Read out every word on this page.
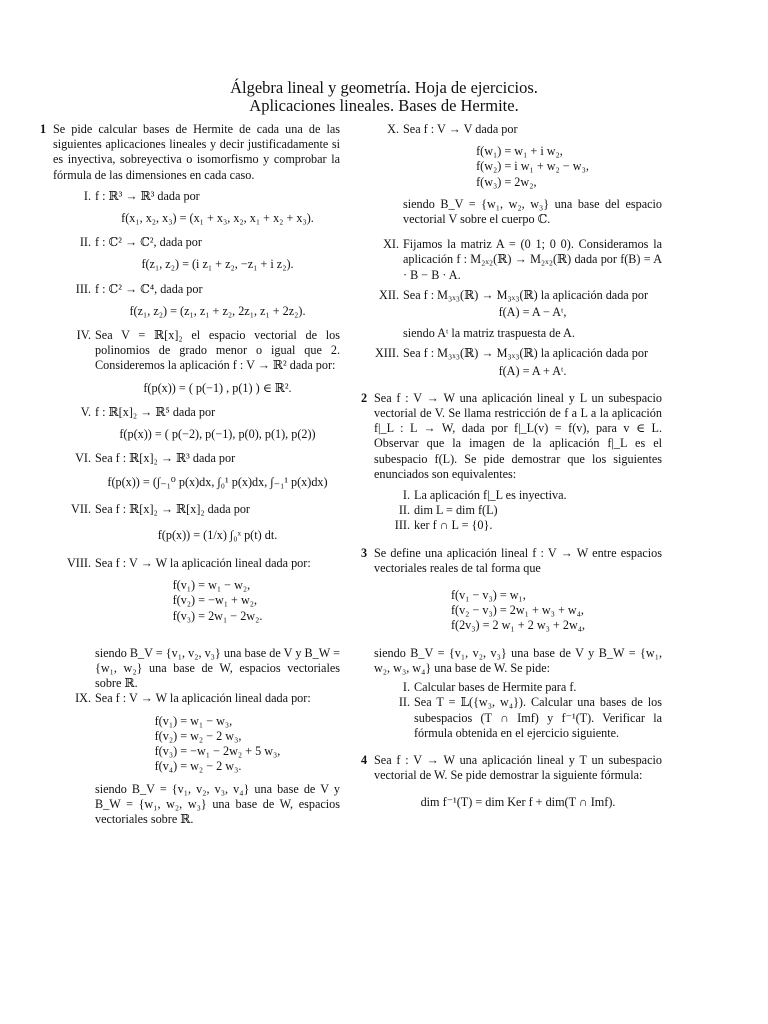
Álgebra lineal y geometría. Hoja de ejercicios.
Aplicaciones lineales. Bases de Hermite.
1 Se pide calcular bases de Hermite de cada una de las siguientes aplicaciones lineales y decir justificadamente si es inyectiva, sobreyectiva o isomorfismo y comprobar la fórmula de las dimensiones en cada caso.

I. f : ℝ³ → ℝ³ dada por

f(x₁, x₂, x₃) = (x₁ + x₃, x₂, x₁ + x₂ + x₃).

II. f : ℂ² → ℂ², dada por

f(z₁, z₂) = (i z₁ + z₂, −z₁ + i z₂).

III. f : ℂ² → ℂ⁴, dada por

f(z₁, z₂) = (z₁, z₁ + z₂, 2z₁, z₁ + 2z₂).

IV. Sea V = ℝ[x]₂ el espacio vectorial de los polinomios de grado menor o igual que 2. Consideremos la aplicación f : V → ℝ² dada por:

f(p(x)) = ( p(−1) , p(1) ) ∈ ℝ².

V. f : ℝ[x]₂ → ℝ⁵ dada por

f(p(x)) = ( p(−2), p(−1), p(0), p(1), p(2))

VI. Sea f : ℝ[x]₂ → ℝ³ dada por

f(p(x)) = (∫₋₁⁰ p(x)dx, ∫₀¹ p(x)dx, ∫₋₁¹ p(x)dx)

VII. Sea f : ℝ[x]₂ → ℝ[x]₂ dada por

f(p(x)) = (1/x) ∫₀ˣ p(t) dt.

VIII. Sea f : V → W la aplicación lineal dada por:

f(v₁) = w₁ − w₂,
f(v₂) = −w₁ + w₂,
f(v₃) = 2w₁ − 2w₂.

siendo B_V = {v₁, v₂, v₃} una base de V y B_W = {w₁, w₂} una base de W, espacios vectoriales sobre ℝ.

IX. Sea f : V → W la aplicación lineal dada por:

f(v₁) = w₁ − w₃,
f(v₂) = w₂ − 2 w₃,
f(v₃) = −w₁ − 2w₂ + 5 w₃,
f(v₄) = w₂ − 2 w₃.

siendo B_V = {v₁, v₂, v₃, v₄} una base de V y B_W = {w₁, w₂, w₃} una base de W, espacios vectoriales sobre ℝ.

X. Sea f : V → V dada por

f(w₁) = w₁ + i w₂,
f(w₂) = i w₁ + w₂ − w₃,
f(w₃) = 2w₂,

siendo B_V = {w₁, w₂, w₃} una base del espacio vectorial V sobre el cuerpo ℂ.

XI. Fijamos la matriz A = (0 1; 0 0). Consideramos la aplicación f : M₂ₓ₂(ℝ) → M₂ₓ₂(ℝ) dada por f(B) = A · B − B · A.

XII. Sea f : M₃ₓ₃(ℝ) → M₃ₓ₃(ℝ) la aplicación dada por

f(A) = A − Aᵗ,

siendo Aᵗ la matriz traspuesta de A.

XIII. Sea f : M₃ₓ₃(ℝ) → M₃ₓ₃(ℝ) la aplicación dada por

f(A) = A + Aᵗ.

2 Sea f : V → W una aplicación lineal y L un subespacio vectorial de V. Se llama restricción de f a L a la aplicación f|_L : L → W, dada por f|_L(v) = f(v), para v ∈ L. Observar que la imagen de la aplicación f|_L es el subespacio f(L). Se pide demostrar que los siguientes enunciados son equivalentes:

I. La aplicación f|_L es inyectiva.

II. dim L = dim f(L)

III. ker f ∩ L = {0}.

3 Se define una aplicación lineal f : V → W entre espacios vectoriales reales de tal forma que

f(v₁ − v₃) = w₁,
f(v₂ − v₃) = 2w₁ + w₃ + w₄,
f(2v₃) = 2 w₁ + 2 w₃ + 2w₄,

siendo B_V = {v₁, v₂, v₃} una base de V y B_W = {w₁, w₂, w₃, w₄} una base de W. Se pide:

I. Calcular bases de Hermite para f.

II. Sea T = 𝕃({w₃, w₄}). Calcular una bases de los subespacios (T ∩ Imf) y f⁻¹(T). Verificar la fórmula obtenida en el ejercicio siguiente.

4 Sea f : V → W una aplicación lineal y T un subespacio vectorial de W. Se pide demostrar la siguiente fórmula:

dim f⁻¹(T) = dim Ker f + dim(T ∩ Imf).
